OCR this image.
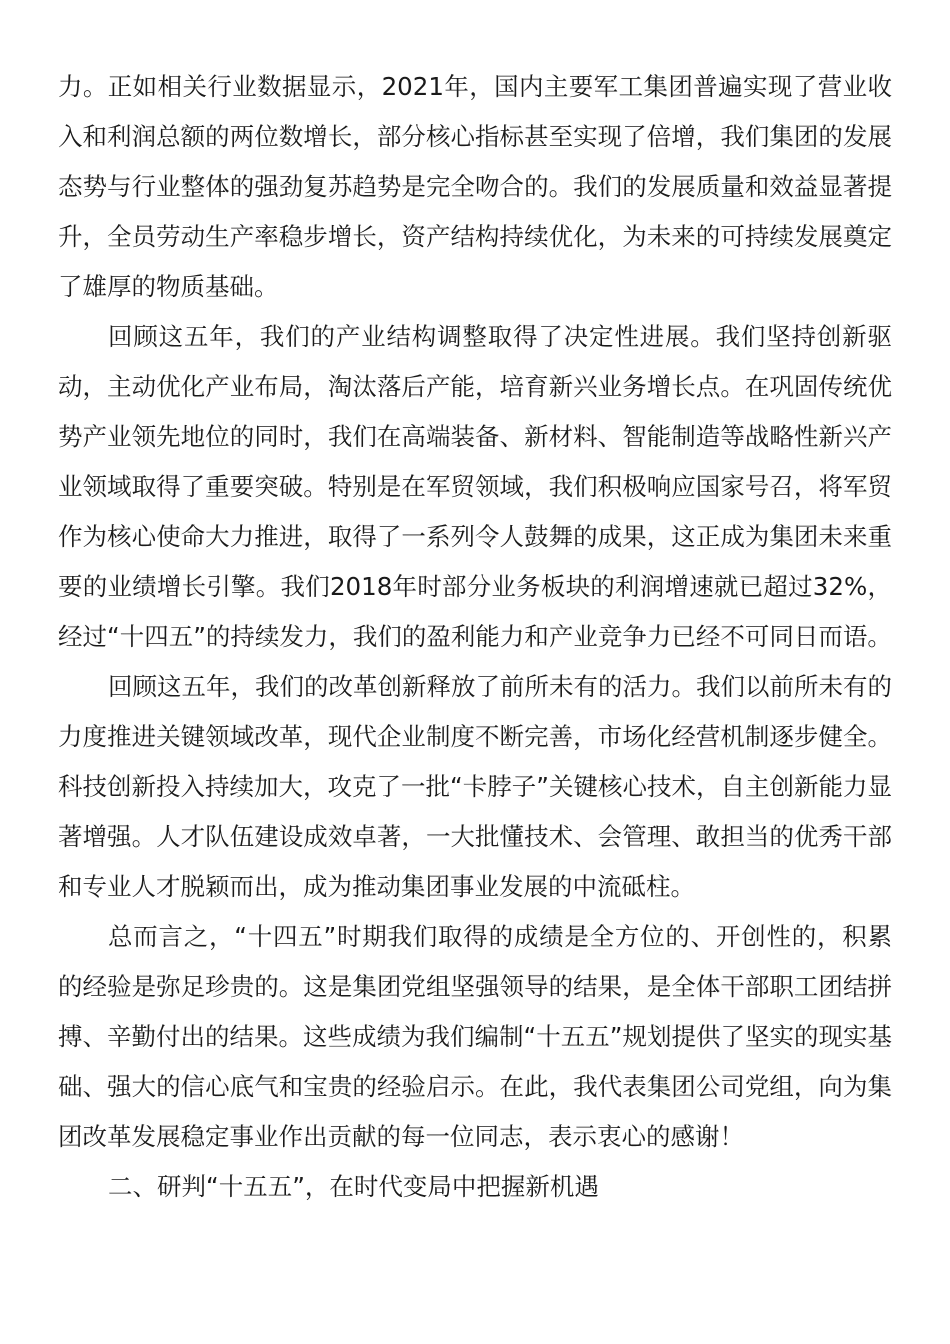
力。正如相关行业数据显示，2021年，国内主要军工集团普遍实现了营业收入和利润总额的两位数增长，部分核心指标甚至实现了倍增，我们集团的发展态势与行业整体的强劲复苏趋势是完全吻合的。我们的发展质量和效益显著提升，全员劳动生产率稳步增长，资产结构持续优化，为未来的可持续发展奠定了雄厚的物质基础。

回顾这五年，我们的产业结构调整取得了决定性进展。我们坚持创新驱动，主动优化产业布局，淘汰落后产能，培育新兴业务增长点。在巩固传统优势产业领先地位的同时，我们在高端装备、新材料、智能制造等战略性新兴产业领域取得了重要突破。特别是在军贸领域，我们积极响应国家号召，将军贸作为核心使命大力推进，取得了一系列令人鼓舞的成果，这正成为集团未来重要的业绩增长引擎。我们2018年时部分业务板块的利润增速就已超过32%，经过“十四五”的持续发力，我们的盈利能力和产业竞争力已经不可同日而语。

回顾这五年，我们的改革创新释放了前所未有的活力。我们以前所未有的力度推进关键领域改革，现代企业制度不断完善，市场化经营机制逐步健全。科技创新投入持续加大，攻克了一批“卡脖子”关键核心技术，自主创新能力显著增强。人才队伍建设成效卓著，一大批懂技术、会管理、敢担当的优秀干部和专业人才脱颖而出，成为推动集团事业发展的中流砥柱。

总而言之，“十四五”时期我们取得的成绩是全方位的、开创性的，积累的经验是弥足珍贵的。这是集团党组坚强领导的结果，是全体干部职工团结拼搏、辛勤付出的结果。这些成绩为我们编制“十五五”规划提供了坚实的现实基础、强大的信心底气和宝贵的经验启示。在此，我代表集团公司党组，向为集团改革发展稳定事业作出贡献的每一位同志，表示衷心的感谢！

二、研判“十五五”，在时代变局中把握新机遇
